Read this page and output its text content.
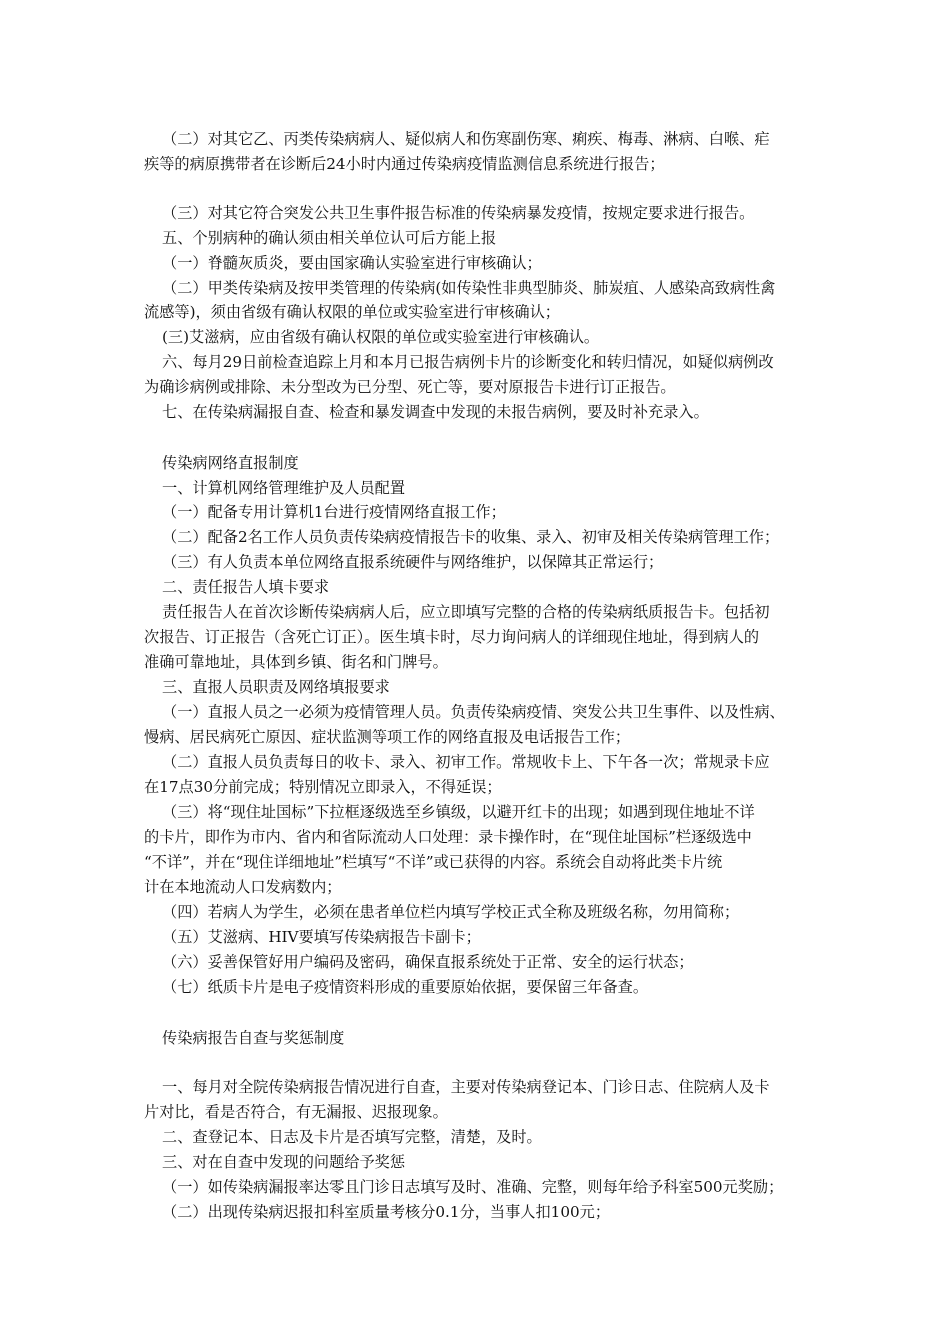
（二）对其它乙、丙类传染病病人、疑似病人和伤寒副伤寒、痢疾、梅毒、淋病、白喉、疟
疾等的病原携带者在诊断后24小时内通过传染病疫情监测信息系统进行报告；
（三）对其它符合突发公共卫生事件报告标准的传染病暴发疫情，按规定要求进行报告。
五、个别病种的确认须由相关单位认可后方能上报
（一）脊髓灰质炎，要由国家确认实验室进行审核确认；
（二）甲类传染病及按甲类管理的传染病(如传染性非典型肺炎、肺炭疽、人感染高致病性禽
流感等)，须由省级有确认权限的单位或实验室进行审核确认；
(三)艾滋病，应由省级有确认权限的单位或实验室进行审核确认。
六、每月29日前检查追踪上月和本月已报告病例卡片的诊断变化和转归情况，如疑似病例改
为确诊病例或排除、未分型改为已分型、死亡等，要对原报告卡进行订正报告。
七、在传染病漏报自查、检查和暴发调查中发现的未报告病例，要及时补充录入。
传染病网络直报制度
一、计算机网络管理维护及人员配置
（一）配备专用计算机1台进行疫情网络直报工作；
（二）配备2名工作人员负责传染病疫情报告卡的收集、录入、初审及相关传染病管理工作；
（三）有人负责本单位网络直报系统硬件与网络维护，以保障其正常运行；
二、责任报告人填卡要求
责任报告人在首次诊断传染病病人后，应立即填写完整的合格的传染病纸质报告卡。包括初
次报告、订正报告（含死亡订正）。医生填卡时，尽力询问病人的详细现住地址，得到病人的
准确可靠地址，具体到乡镇、街名和门牌号。
三、直报人员职责及网络填报要求
（一）直报人员之一必须为疫情管理人员。负责传染病疫情、突发公共卫生事件、以及性病、
慢病、居民病死亡原因、症状监测等项工作的网络直报及电话报告工作；
（二）直报人员负责每日的收卡、录入、初审工作。常规收卡上、下午各一次；常规录卡应
在17点30分前完成；特别情况立即录入，不得延误；
（三）将“现住址国标”下拉框逐级选至乡镇级，以避开红卡的出现；如遇到现住地址不详
的卡片，即作为市内、省内和省际流动人口处理：录卡操作时，在“现住址国标”栏逐级选中
“不详”，并在“现住详细地址”栏填写“不详”或已获得的内容。系统会自动将此类卡片统
计在本地流动人口发病数内；
（四）若病人为学生，必须在患者单位栏内填写学校正式全称及班级名称，勿用简称；
（五）艾滋病、HIV要填写传染病报告卡副卡；
（六）妥善保管好用户编码及密码，确保直报系统处于正常、安全的运行状态；
（七）纸质卡片是电子疫情资料形成的重要原始依据，要保留三年备查。
传染病报告自查与奖惩制度
一、每月对全院传染病报告情况进行自查，主要对传染病登记本、门诊日志、住院病人及卡
片对比，看是否符合，有无漏报、迟报现象。
二、查登记本、日志及卡片是否填写完整，清楚，及时。
三、对在自查中发现的问题给予奖惩
（一）如传染病漏报率达零且门诊日志填写及时、准确、完整，则每年给予科室500元奖励；
（二）出现传染病迟报扣科室质量考核分0.1分，当事人扣100元；
